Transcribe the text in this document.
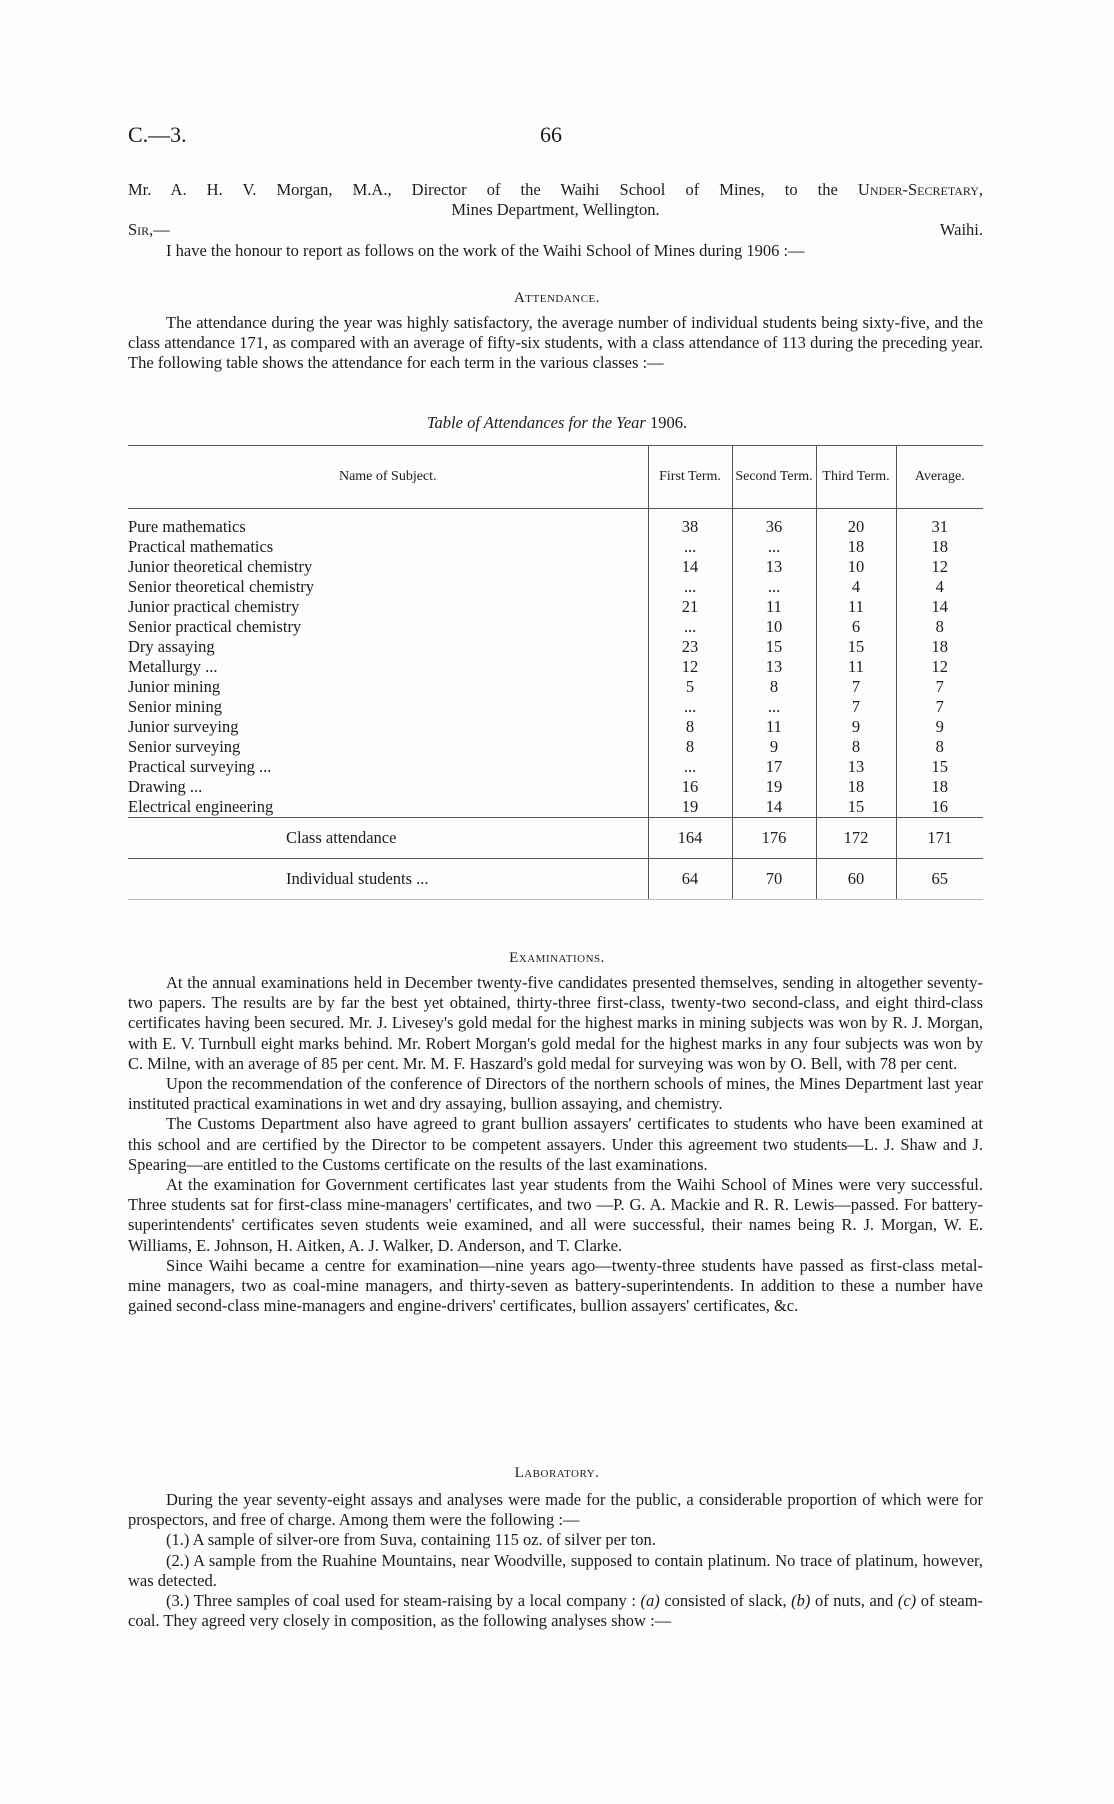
C.—3.	66
Mr. A. H. V. Morgan, M.A., Director of the Waihi School of Mines, to the Under-Secretary,
Mines Department, Wellington.
Sir,—	Waihi.

I have the honour to report as follows on the work of the Waihi School of Mines during 1906 :—

Attendance.

The attendance during the year was highly satisfactory, the average number of individual students being sixty-five, and the class attendance 171, as compared with an average of fifty-six students, with a class attendance of 113 during the preceding year. The following table shows the attendance for each term in the various classes :—

Table of Attendances for the Year 1906.
Name of Subject.	First Term.	Second Term.	Third Term.	Average.
Pure mathematics	38	36	20	31
Practical mathematics	...	...	18	18
Junior theoretical chemistry	14	13	10	12
Senior theoretical chemistry	...	...	4	4
Junior practical chemistry	21	11	11	14
Senior practical chemistry	...	10	6	8
Dry assaying	23	15	15	18
Metallurgy ...	12	13	11	12
Junior mining	5	8	7	7
Senior mining	...	...	7	7
Junior surveying	8	11	9	9
Senior surveying	8	9	8	8
Practical surveying ...	...	17	13	15
Drawing ...	16	19	18	18
Electrical engineering	19	14	15	16
Class attendance	164	176	172	171
Individual students ...	64	70	60	65
Examinations.

At the annual examinations held in December twenty-five candidates presented themselves, sending in altogether seventy-two papers. The results are by far the best yet obtained, thirty-three first-class, twenty-two second-class, and eight third-class certificates having been secured. Mr. J. Livesey's gold medal for the highest marks in mining subjects was won by R. J. Morgan, with E. V. Turnbull eight marks behind. Mr. Robert Morgan's gold medal for the highest marks in any four subjects was won by C. Milne, with an average of 85 per cent. Mr. M. F. Haszard's gold medal for surveying was won by O. Bell, with 78 per cent.

Upon the recommendation of the conference of Directors of the northern schools of mines, the Mines Department last year instituted practical examinations in wet and dry assaying, bullion assaying, and chemistry.

The Customs Department also have agreed to grant bullion assayers' certificates to students who have been examined at this school and are certified by the Director to be competent assayers. Under this agreement two students—L. J. Shaw and J. Spearing—are entitled to the Customs certificate on the results of the last examinations.

At the examination for Government certificates last year students from the Waihi School of Mines were very successful. Three students sat for first-class mine-managers' certificates, and two —P. G. A. Mackie and R. R. Lewis—passed. For battery-superintendents' certificates seven students weie examined, and all were successful, their names being R. J. Morgan, W. E. Williams, E. Johnson, H. Aitken, A. J. Walker, D. Anderson, and T. Clarke.

Since Waihi became a centre for examination—nine years ago—twenty-three students have passed as first-class metal-mine managers, two as coal-mine managers, and thirty-seven as battery-superintendents. In addition to these a number have gained second-class mine-managers and engine-drivers' certificates, bullion assayers' certificates, &c.

Laboratory.

During the year seventy-eight assays and analyses were made for the public, a considerable proportion of which were for prospectors, and free of charge. Among them were the following :—

(1.) A sample of silver-ore from Suva, containing 115 oz. of silver per ton.
(2.) A sample from the Ruahine Mountains, near Woodville, supposed to contain platinum. No trace of platinum, however, was detected.
(3.) Three samples of coal used for steam-raising by a local company : (a) consisted of slack, (b) of nuts, and (c) of steam-coal. They agreed very closely in composition, as the following analyses show :—
